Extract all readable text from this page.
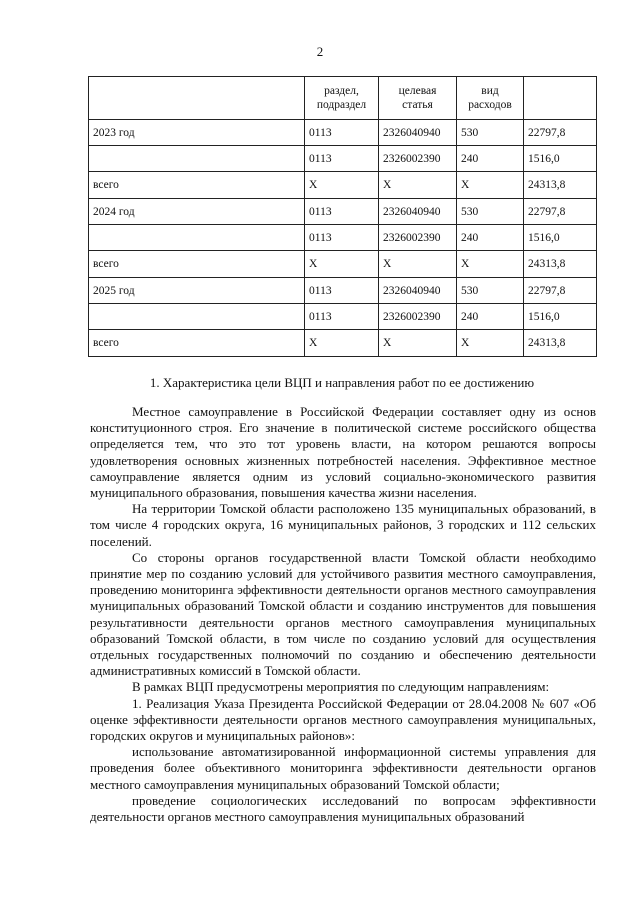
2
	раздел, подраздел	целевая статья	вид расходов	
2023 год	0113	2326040940	530	22797,8
	0113	2326002390	240	1516,0
всего	Х	Х	Х	24313,8
2024 год	0113	2326040940	530	22797,8
	0113	2326002390	240	1516,0
всего	Х	Х	Х	24313,8
2025 год	0113	2326040940	530	22797,8
	0113	2326002390	240	1516,0
всего	Х	Х	Х	24313,8
1. Характеристика цели ВЦП и направления работ по ее достижению

Местное самоуправление в Российской Федерации составляет одну из основ конституционного строя. Его значение в политической системе российского общества определяется тем, что это тот уровень власти, на котором решаются вопросы удовлетворения основных жизненных потребностей населения. Эффективное местное самоуправление является одним из условий социально-экономического развития муниципального образования, повышения качества жизни населения.

На территории Томской области расположено 135 муниципальных образований, в том числе 4 городских округа, 16 муниципальных районов, 3 городских и 112 сельских поселений.

Со стороны органов государственной власти Томской области необходимо принятие мер по созданию условий для устойчивого развития местного самоуправления, проведению мониторинга эффективности деятельности органов местного самоуправления муниципальных образований Томской области и созданию инструментов для повышения результативности деятельности органов местного самоуправления муниципальных образований Томской области, в том числе по созданию условий для осуществления отдельных государственных полномочий по созданию и обеспечению деятельности административных комиссий в Томской области.

В рамках ВЦП предусмотрены мероприятия по следующим направлениям:

1. Реализация Указа Президента Российской Федерации от 28.04.2008 № 607 «Об оценке эффективности деятельности органов местного самоуправления муниципальных, городских округов и муниципальных районов»:

использование автоматизированной информационной системы управления для проведения более объективного мониторинга эффективности деятельности органов местного самоуправления муниципальных образований Томской области;

проведение социологических исследований по вопросам эффективности деятельности органов местного самоуправления муниципальных образований
